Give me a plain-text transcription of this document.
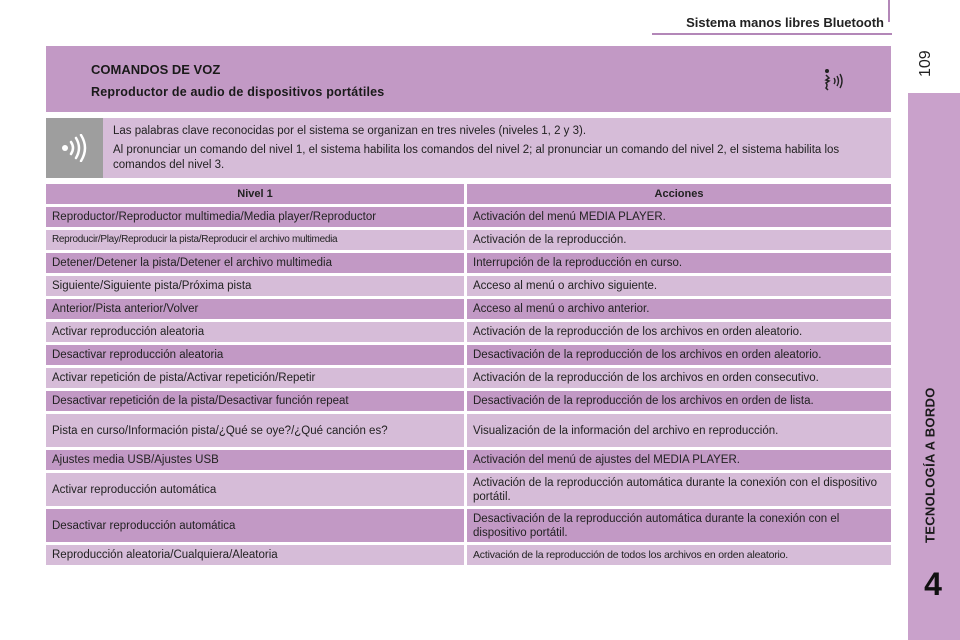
Sistema manos libres Bluetooth
109
TECNOLOGÍA A BORDO
4
COMANDOS DE VOZ
Reproductor de audio de dispositivos portátiles

Las palabras clave reconocidas por el sistema se organizan en tres niveles (niveles 1, 2 y 3).

Al pronunciar un comando del nivel 1, el sistema habilita los comandos del nivel 2; al pronunciar un comando del nivel 2, el sistema habilita los comandos del nivel 3.

Nivel 1	Acciones
Reproductor/Reproductor multimedia/Media player/Reproductor	Activación del menú MEDIA PLAYER.
Reproducir/Play/Reproducir la pista/Reproducir el archivo multimedia	Activación de la reproducción.
Detener/Detener la pista/Detener el archivo multimedia	Interrupción de la reproducción en curso.
Siguiente/Siguiente pista/Próxima pista	Acceso al menú o archivo siguiente.
Anterior/Pista anterior/Volver	Acceso al menú o archivo anterior.
Activar reproducción aleatoria	Activación de la reproducción de los archivos en orden aleatorio.
Desactivar reproducción aleatoria	Desactivación de la reproducción de los archivos en orden aleatorio.
Activar repetición de pista/Activar repetición/Repetir	Activación de la reproducción de los archivos en orden consecutivo.
Desactivar repetición de la pista/Desactivar función repeat	Desactivación de la reproducción de los archivos en orden de lista.
Pista en curso/Información pista/¿Qué se oye?/¿Qué canción es?	Visualización de la información del archivo en reproducción.
Ajustes media USB/Ajustes USB	Activación del menú de ajustes del MEDIA PLAYER.
Activar reproducción automática	Activación de la reproducción automática durante la conexión con el dispositivo portátil.
Desactivar reproducción automática	Desactivación de la reproducción automática durante la conexión con el dispositivo portátil.
Reproducción aleatoria/Cualquiera/Aleatoria	Activación de la reproducción de todos los archivos en orden aleatorio.
